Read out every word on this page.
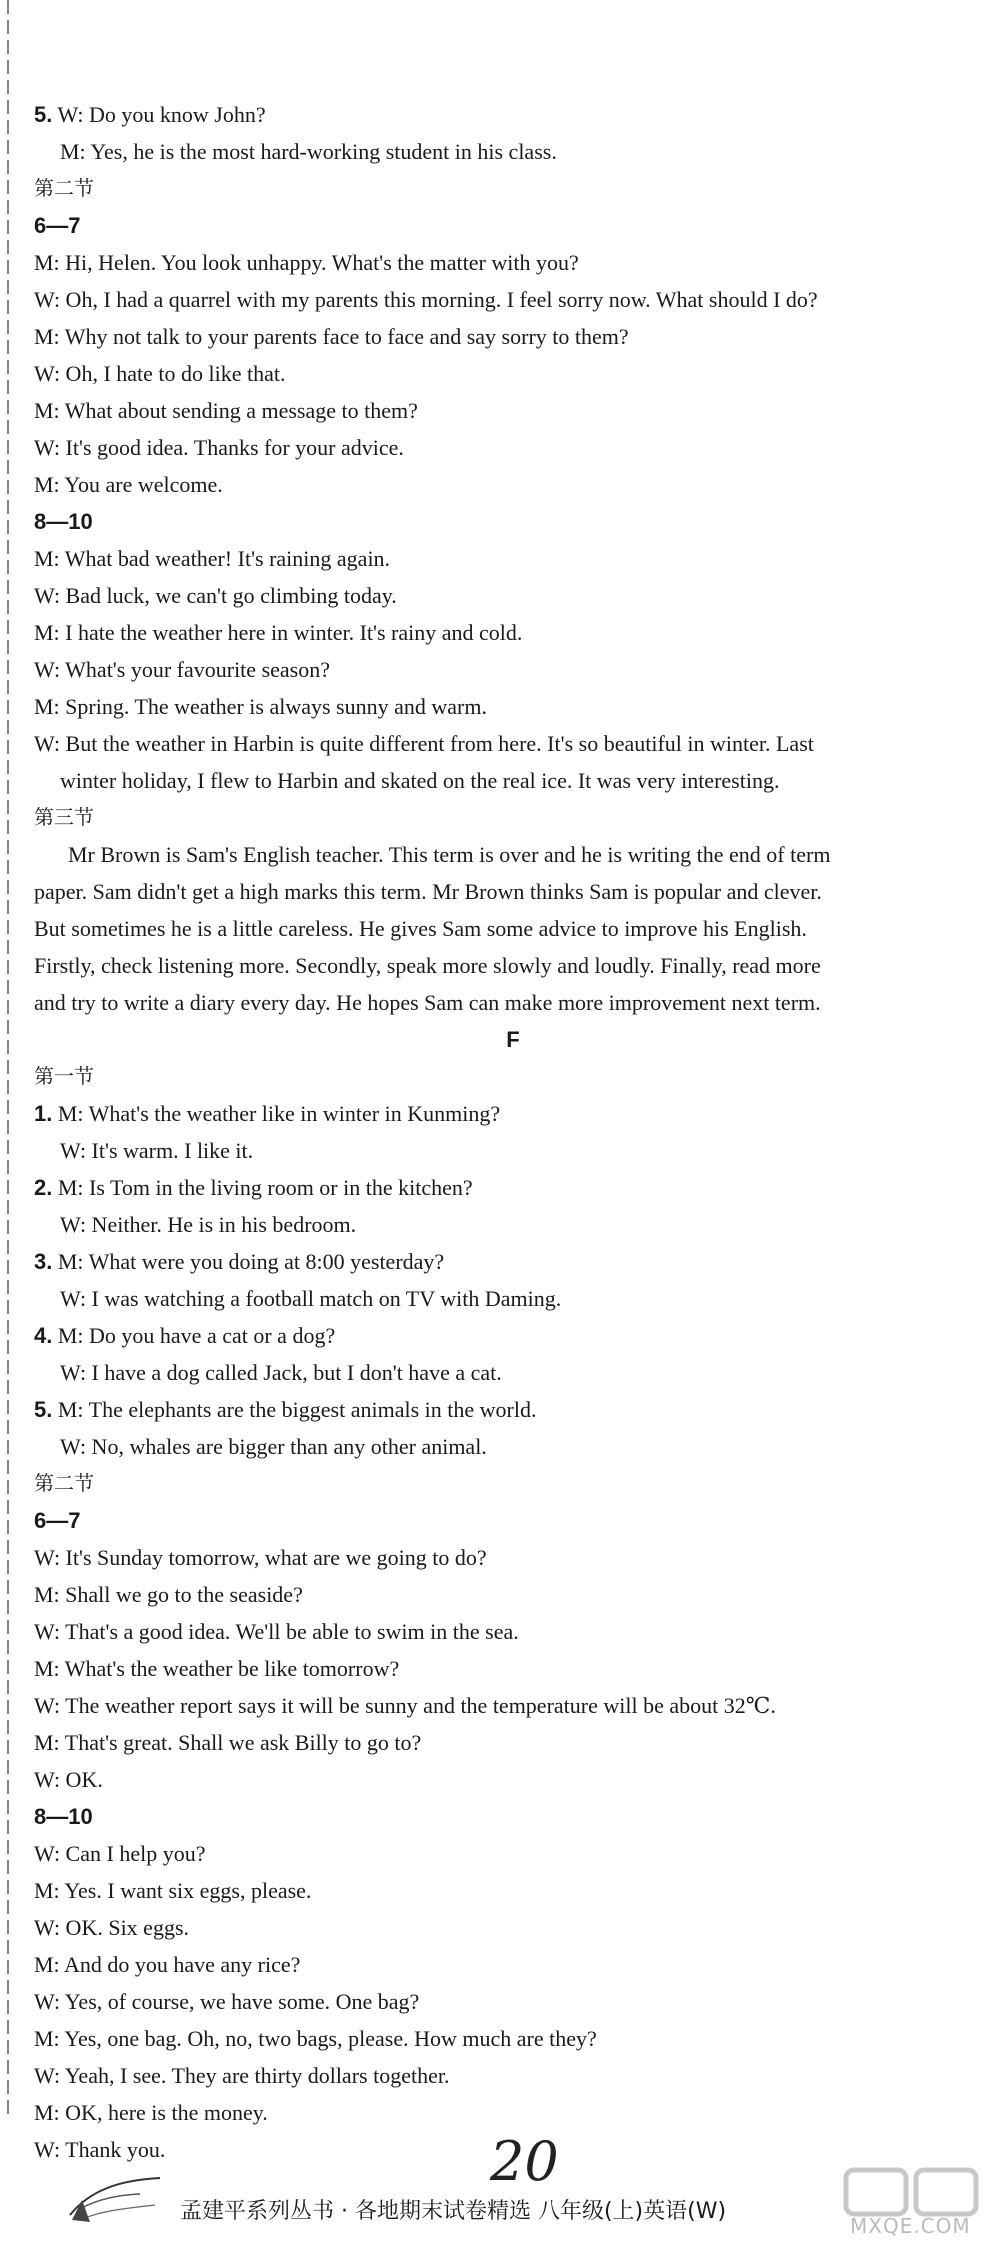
5. W: Do you know John?
M: Yes, he is the most hard-working student in his class.
第二节
6—7
M: Hi, Helen. You look unhappy. What's the matter with you?
W: Oh, I had a quarrel with my parents this morning. I feel sorry now. What should I do?
M: Why not talk to your parents face to face and say sorry to them?
W: Oh, I hate to do like that.
M: What about sending a message to them?
W: It's good idea. Thanks for your advice.
M: You are welcome.
8—10
M: What bad weather! It's raining again.
W: Bad luck, we can't go climbing today.
M: I hate the weather here in winter. It's rainy and cold.
W: What's your favourite season?
M: Spring. The weather is always sunny and warm.
W: But the weather in Harbin is quite different from here. It's so beautiful in winter. Last
winter holiday, I flew to Harbin and skated on the real ice. It was very interesting.
第三节
Mr Brown is Sam's English teacher. This term is over and he is writing the end of term
paper. Sam didn't get a high marks this term. Mr Brown thinks Sam is popular and clever.
But sometimes he is a little careless. He gives Sam some advice to improve his English.
Firstly, check listening more. Secondly, speak more slowly and loudly. Finally, read more
and try to write a diary every day. He hopes Sam can make more improvement next term.
F
第一节
1. M: What's the weather like in winter in Kunming?
W: It's warm. I like it.
2. M: Is Tom in the living room or in the kitchen?
W: Neither. He is in his bedroom.
3. M: What were you doing at 8:00 yesterday?
W: I was watching a football match on TV with Daming.
4. M: Do you have a cat or a dog?
W: I have a dog called Jack, but I don't have a cat.
5. M: The elephants are the biggest animals in the world.
W: No, whales are bigger than any other animal.
第二节
6—7
W: It's Sunday tomorrow, what are we going to do?
M: Shall we go to the seaside?
W: That's a good idea. We'll be able to swim in the sea.
M: What's the weather be like tomorrow?
W: The weather report says it will be sunny and the temperature will be about 32℃.
M: That's great. Shall we ask Billy to go to?
W: OK.
8—10
W: Can I help you?
M: Yes. I want six eggs, please.
W: OK. Six eggs.
M: And do you have any rice?
W: Yes, of course, we have some. One bag?
M: Yes, one bag. Oh, no, two bags, please. How much are they?
W: Yeah, I see. They are thirty dollars together.
M: OK, here is the money.
W: Thank you.	20
孟建平系列丛书 · 各地期末试卷精选 八年级(上)英语(W)
MXQE.COM
